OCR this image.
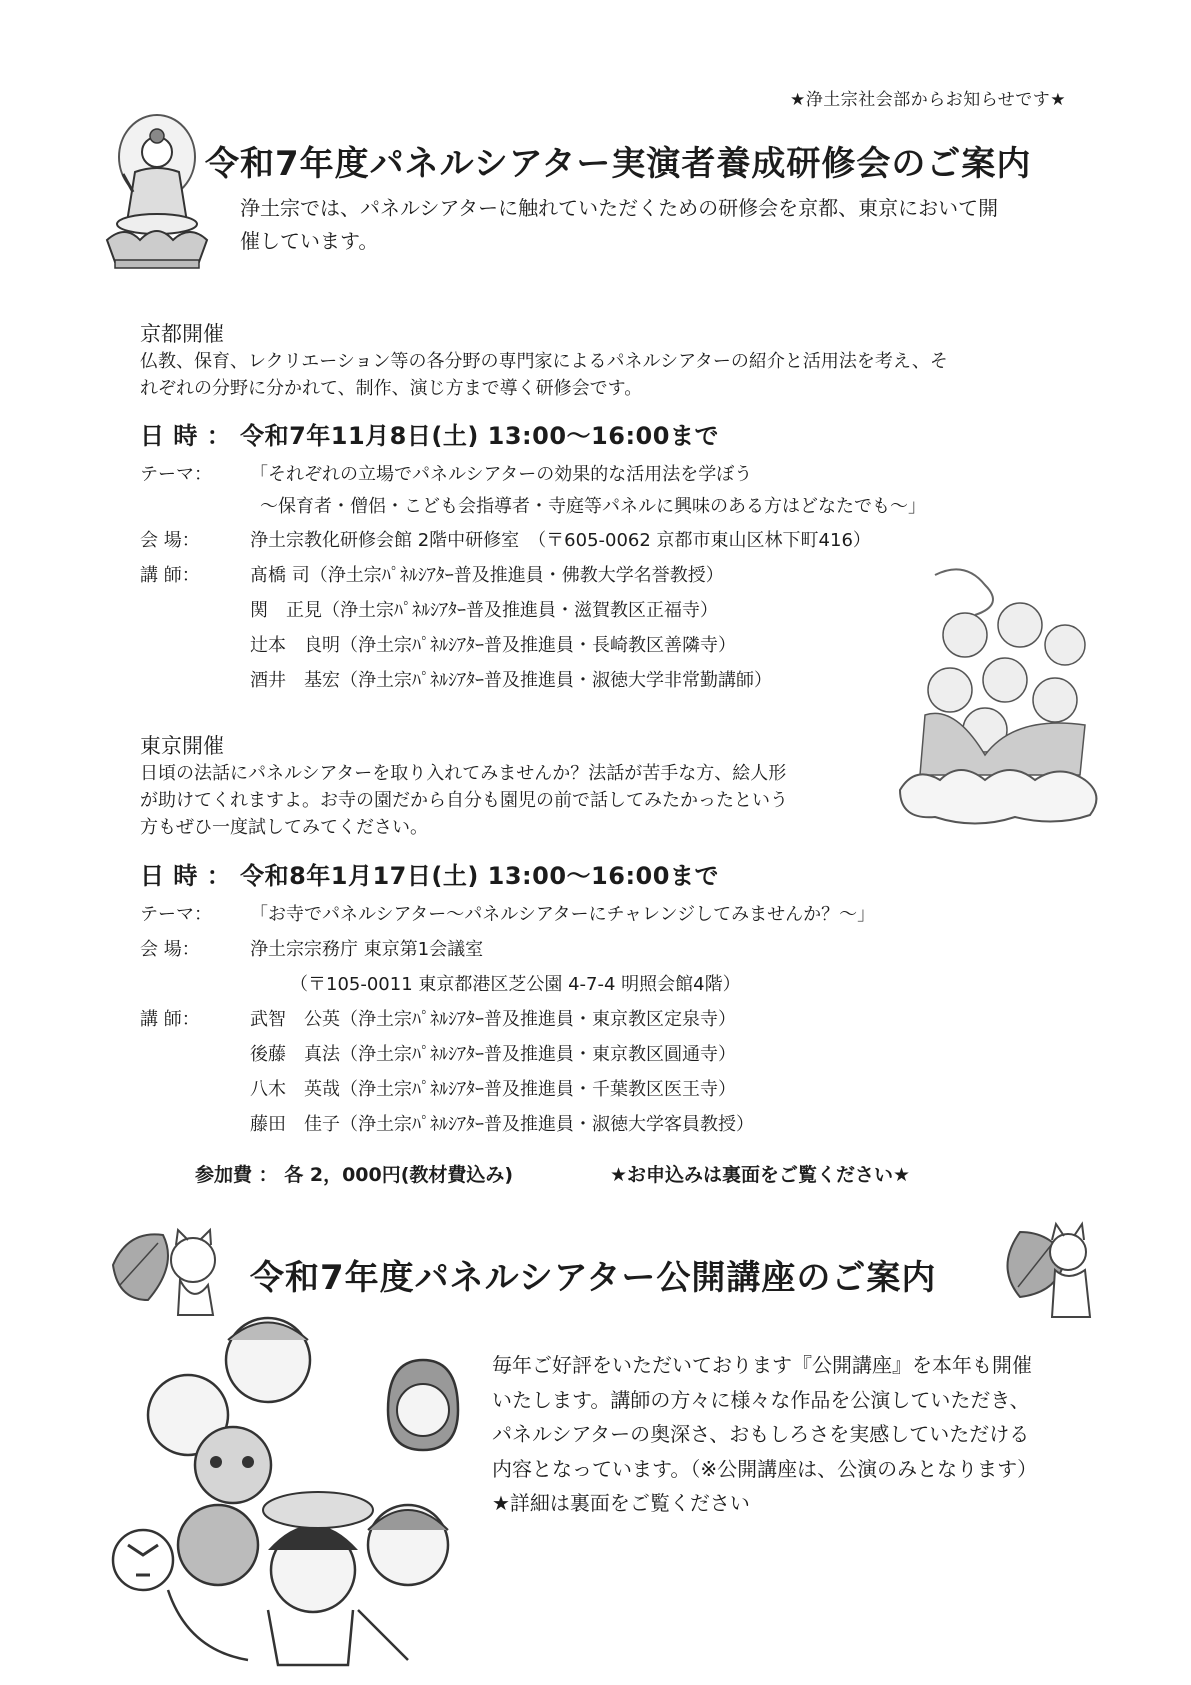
★浄土宗社会部からお知らせです★
令和7年度パネルシアター実演者養成研修会のご案内
浄土宗では、パネルシアターに触れていただくための研修会を京都、東京において開催しています。
京都開催
仏教、保育、レクリエーション等の各分野の専門家によるパネルシアターの紹介と活用法を考え、そ
れぞれの分野に分かれて、制作、演じ方まで導く研修会です。
日 時 ： 令和7年11月8日(土) 13:00～16:00まで
テーマ： 「それぞれの立場でパネルシアターの効果的な活用法を学ぼう
～保育者・僧侶・こども会指導者・寺庭等パネルに興味のある方はどなたでも～」
会 場：	浄土宗教化研修会館 2階中研修室　（〒605-0062 京都市東山区林下町416）
講 師：	髙橋 司（浄土宗ﾊﾟﾈﾙｼｱﾀｰ普及推進員・佛教大学名誉教授）
関　正見（浄土宗ﾊﾟﾈﾙｼｱﾀｰ普及推進員・滋賀教区正福寺）
辻本　良明（浄土宗ﾊﾟﾈﾙｼｱﾀｰ普及推進員・長崎教区善隣寺）
酒井　基宏（浄土宗ﾊﾟﾈﾙｼｱﾀｰ普及推進員・淑徳大学非常勤講師）
東京開催
日頃の法話にパネルシアターを取り入れてみませんか？法話が苦手な方、絵人形
が助けてくれますよ。お寺の園だから自分も園児の前で話してみたかったという
方もぜひ一度試してみてください。
日 時 ： 令和8年1月17日(土) 13:00～16:00まで
テーマ： 「お寺でパネルシアター～パネルシアターにチャレンジしてみませんか？～」
会 場：	浄土宗宗務庁 東京第1会議室
（〒105-0011 東京都港区芝公園 4-7-4 明照会館4階）
講 師：	武智　公英（浄土宗ﾊﾟﾈﾙｼｱﾀｰ普及推進員・東京教区定泉寺）
後藤　真法（浄土宗ﾊﾟﾈﾙｼｱﾀｰ普及推進員・東京教区圓通寺）
八木　英哉（浄土宗ﾊﾟﾈﾙｼｱﾀｰ普及推進員・千葉教区医王寺）
藤田　佳子（浄土宗ﾊﾟﾈﾙｼｱﾀｰ普及推進員・淑徳大学客員教授）
参加費 ： 各 2，000円(教材費込み)	★お申込みは裏面をご覧ください★
令和7年度パネルシアター公開講座のご案内
毎年ご好評をいただいております『公開講座』を本年も開催
いたします。講師の方々に様々な作品を公演していただき、
パネルシアターの奥深さ、おもしろさを実感していただける
内容となっています。（※公開講座は、公演のみとなります）
★詳細は裏面をご覧ください
